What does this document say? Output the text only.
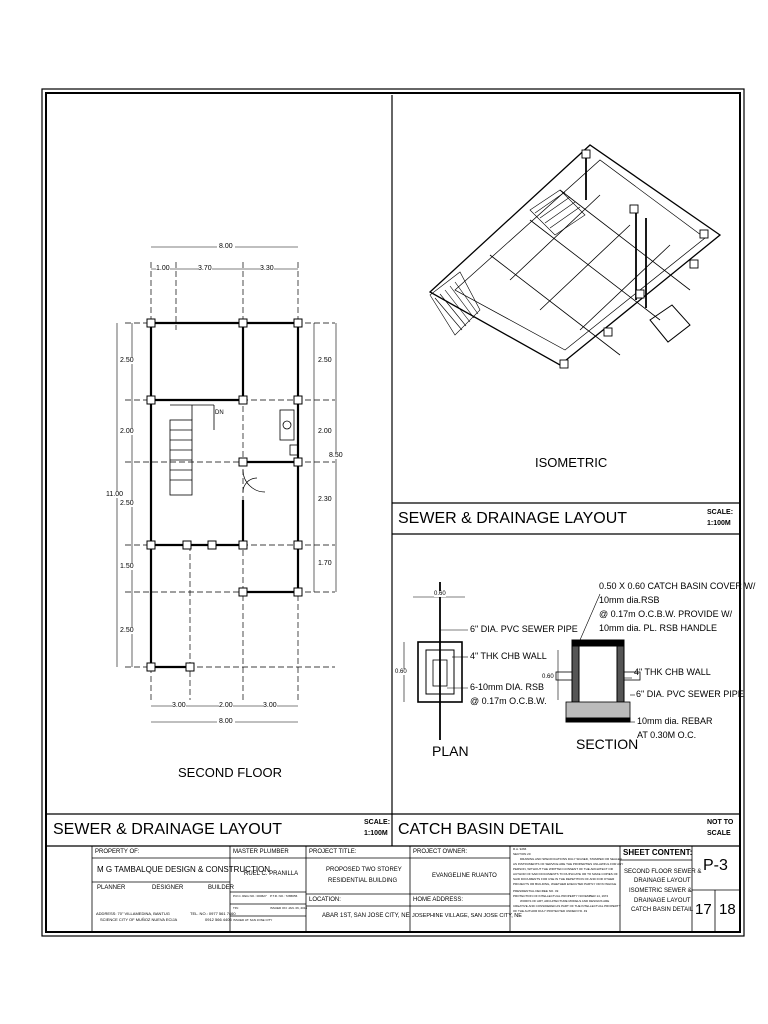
8.00
1.00	3.70	3.30
3.00	2.00	3.00
8.00
11.00
2.50
2.00
2.50
1.50
2.50
2.50
2.00
2.30
1.70
8.50
DN
SECOND FLOOR
ISOMETRIC
SEWER & DRAINAGE LAYOUT	SCALE:
1:100M
0.60
0.60
0.60
6" DIA. PVC SEWER PIPE
4" THK CHB WALL
6-10mm DIA. RSB
@ 0.17m O.C.B.W.
PLAN
0.50 X 0.60 CATCH BASIN COVER W/
10mm dia.RSB
@ 0.17m O.C.B.W. PROVIDE W/
10mm dia. PL. RSB HANDLE
4" THK CHB WALL
6" DIA. PVC SEWER PIPE
10mm dia. REBAR
AT 0.30M O.C.
SECTION
SEWER & DRAINAGE LAYOUT	SCALE:
1:100M CATCH BASIN DETAIL	NOT TO
SCALE
PROPERTY OF:
M G TAMBALQUE DESIGN & CONSTRUCTION
PLANNER	DESIGNER	BUILDER
ADDRESS: 70" VILLAMEDINA, BANTUG
SCIENCE CITY OF MUÑOZ NUEVA ECIJA
TEL. NO.: 0977 561 7460
0912 566 4406
MASTER PLUMBER
RUEL C. PRANILLA
P.R.C. REG NO.: 000627 P.T.R. NO.: 7286656
TIN:	ISSUED ON: JAN. 06, 2016
ISSUED AT: SAN JOSE CITY
PROJECT TITLE:
PROPOSED TWO STOREY
RESIDENTIAL BUILDING
LOCATION:
ABAR 1ST, SAN JOSE CITY, NE
PROJECT OWNER:
EVANGELINE RUANTO
HOME ADDRESS:
JOSEPHINE VILLAGE, SAN JOSE CITY, NE
R.A. 9266
SECTION 20
DRAWING AND SPECIFICATIONS DULY SIGNED, STAMPED OR SEALED
AS INSTRUMENTS OF SERVICE ARE THE PROPERTIES UNLAWFUL FOR ANY
PERSON, WITHOUT THE WRITTEN CONSENT OF THE ARCHITECT OR
AUTHOR OF SAID DOCUMENTS TO DUPLICATE OR TO MAKE COPIES OF
SAID DOCUMENTS FOR USE IN THE REPETITION OF AND FOR OTHER
PROJECTS OR BUILDING, WHETHER EXECUTED PARTLY OR IN WHOLE
PRESIDENTIAL DECREE NO. 49
PROTECTION OF INTELLECTUAL PROPERTY NOVEMBER 14, 1972
WORKS OF ART, ARCHITECTURE MODELS AND DESIGNS ARE
CREATIVE AND CONSIDERED AS PART OF THE INTELLECTUAL PROPERTY
OF THE AUTHOR DULY PROTECTED UNDER P.D. 49
SHEET CONTENT:
SECOND FLOOR SEWER &
DRAINAGE LAYOUT
ISOMETRIC SEWER &
DRAINAGE LAYOUT
CATCH BASIN DETAIL
P-3
17 18
